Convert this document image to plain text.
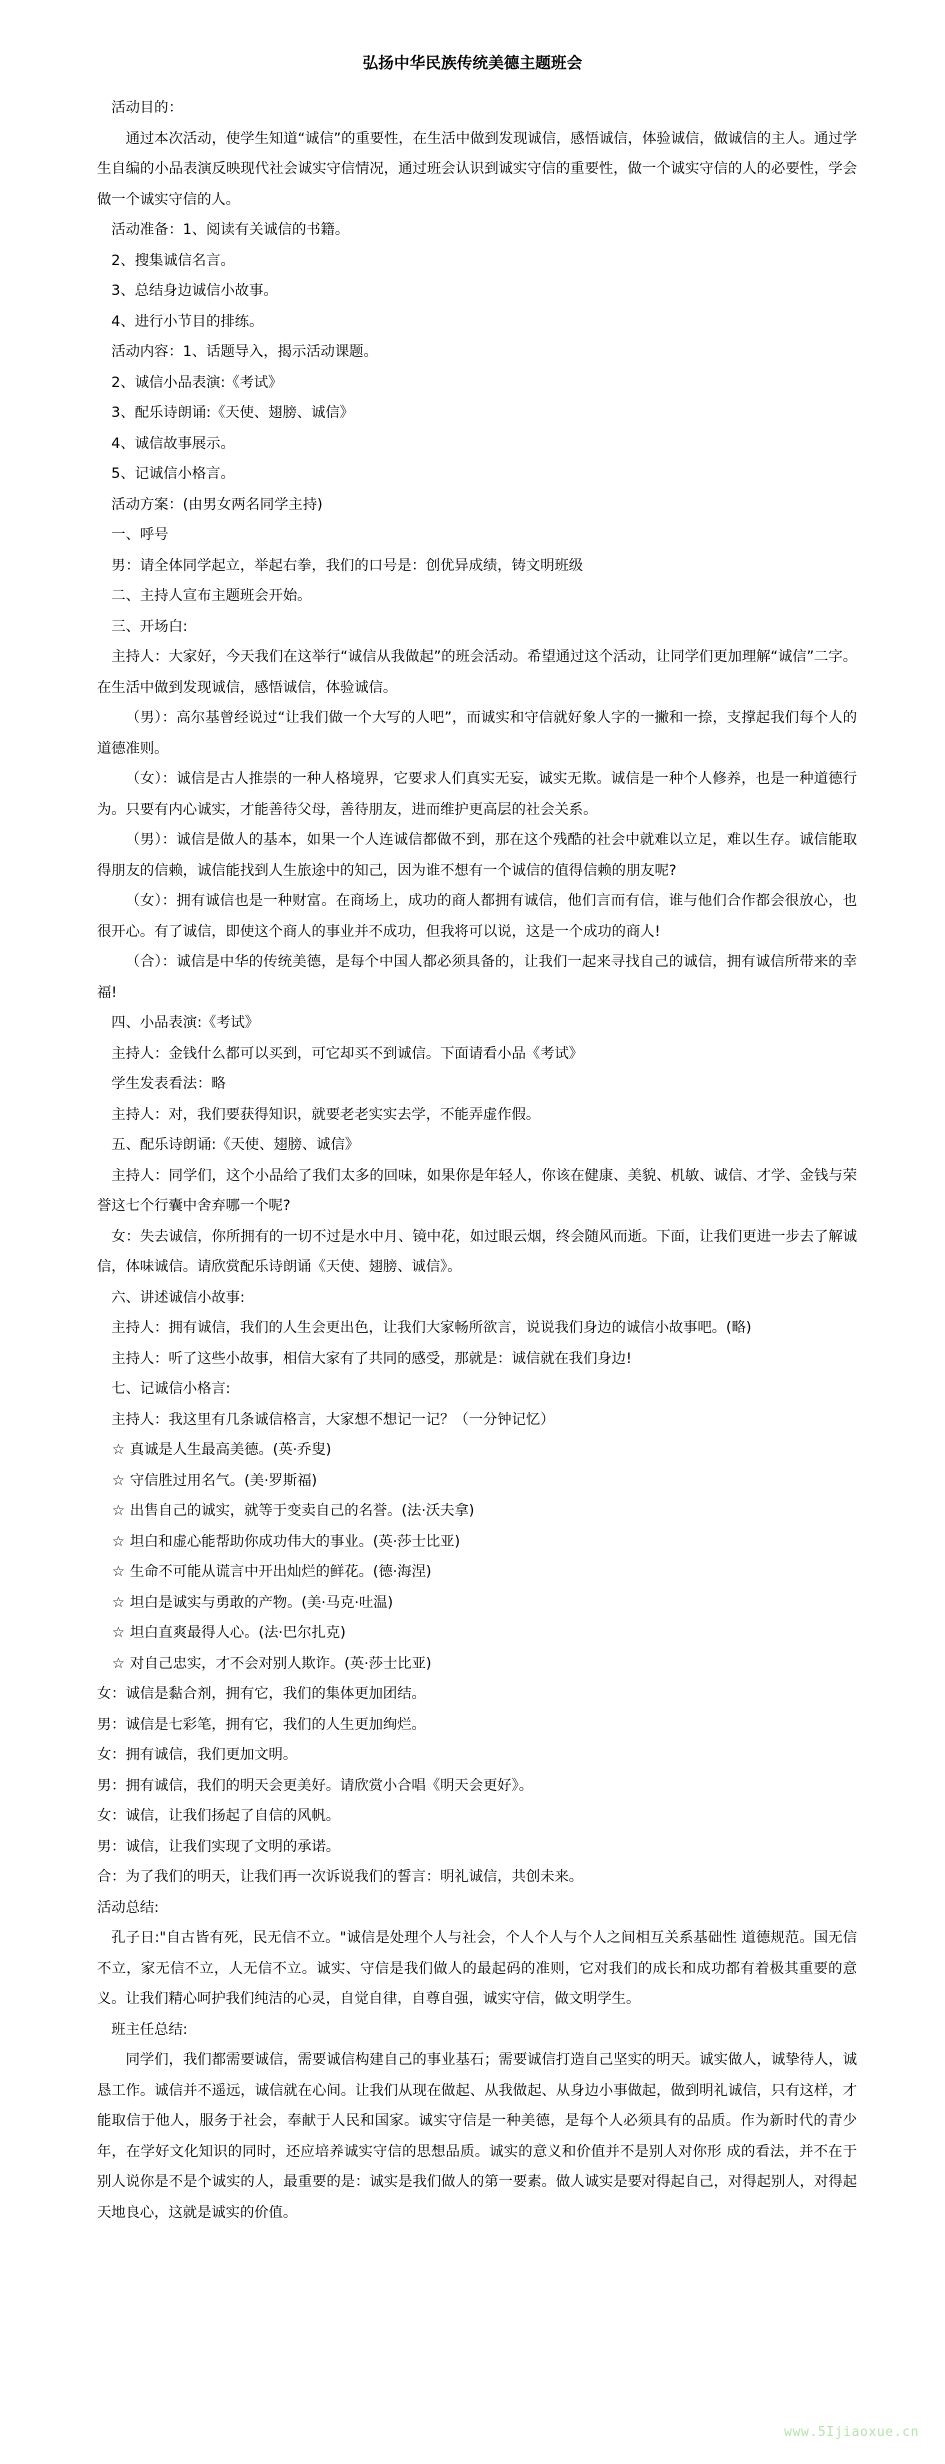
弘扬中华民族传统美德主题班会

活动目的：

通过本次活动，使学生知道“诚信”的重要性，在生活中做到发现诚信，感悟诚信，体验诚信，做诚信的主人。通过学生自编的小品表演反映现代社会诚实守信情况，通过班会认识到诚实守信的重要性，做一个诚实守信的人的必要性，学会做一个诚实守信的人。

活动准备：1、阅读有关诚信的书籍。

2、搜集诚信名言。

3、总结身边诚信小故事。

4、进行小节目的排练。

活动内容：1、话题导入，揭示活动课题。

2、诚信小品表演:《考试》

3、配乐诗朗诵:《天使、翅膀、诚信》

4、诚信故事展示。

5、记诚信小格言。

活动方案：(由男女两名同学主持)

一、呼号

男：请全体同学起立，举起右拳，我们的口号是：创优异成绩，铸文明班级

二、主持人宣布主题班会开始。

三、开场白:

主持人：大家好，今天我们在这举行“诚信从我做起”的班会活动。希望通过这个活动，让同学们更加理解“诚信”二字。在生活中做到发现诚信，感悟诚信，体验诚信。

（男）：高尔基曾经说过“让我们做一个大写的人吧”，而诚实和守信就好象人字的一撇和一捺，支撑起我们每个人的道德准则。

（女）：诚信是古人推崇的一种人格境界，它要求人们真实无妄，诚实无欺。诚信是一种个人修养，也是一种道德行为。只要有内心诚实，才能善待父母，善待朋友，进而维护更高层的社会关系。

（男）：诚信是做人的基本，如果一个人连诚信都做不到，那在这个残酷的社会中就难以立足，难以生存。诚信能取得朋友的信赖，诚信能找到人生旅途中的知己，因为谁不想有一个诚信的值得信赖的朋友呢?

（女）：拥有诚信也是一种财富。在商场上，成功的商人都拥有诚信，他们言而有信，谁与他们合作都会很放心，也很开心。有了诚信，即使这个商人的事业并不成功，但我将可以说，这是一个成功的商人!

（合）：诚信是中华的传统美德，是每个中国人都必须具备的，让我们一起来寻找自己的诚信，拥有诚信所带来的幸福!

四、小品表演:《考试》

主持人：金钱什么都可以买到，可它却买不到诚信。下面请看小品《考试》

学生发表看法：略

主持人：对，我们要获得知识，就要老老实实去学，不能弄虚作假。

五、配乐诗朗诵:《天使、翅膀、诚信》

主持人：同学们，这个小品给了我们太多的回味，如果你是年轻人，你该在健康、美貌、机敏、诚信、才学、金钱与荣誉这七个行囊中舍弃哪一个呢?

女：失去诚信，你所拥有的一切不过是水中月、镜中花，如过眼云烟，终会随风而逝。下面，让我们更进一步去了解诚信，体味诚信。请欣赏配乐诗朗诵《天使、翅膀、诚信》。

六、讲述诚信小故事:

主持人：拥有诚信，我们的人生会更出色，让我们大家畅所欲言，说说我们身边的诚信小故事吧。(略)

主持人：听了这些小故事，相信大家有了共同的感受，那就是：诚信就在我们身边!

七、记诚信小格言:

主持人：我这里有几条诚信格言，大家想不想记一记？（一分钟记忆）

☆ 真诚是人生最高美德。(英·乔叟)
☆ 守信胜过用名气。(美·罗斯福)
☆ 出售自己的诚实，就等于变卖自己的名誉。(法·沃夫拿)
☆ 坦白和虚心能帮助你成功伟大的事业。(英·莎士比亚)
☆ 生命不可能从谎言中开出灿烂的鲜花。(德·海涅)
☆ 坦白是诚实与勇敢的产物。(美·马克·吐温)
☆ 坦白直爽最得人心。(法·巴尔扎克)
☆ 对自己忠实，才不会对别人欺诈。(英·莎士比亚)

女：诚信是黏合剂，拥有它，我们的集体更加团结。

男：诚信是七彩笔，拥有它，我们的人生更加绚烂。

女：拥有诚信，我们更加文明。

男：拥有诚信，我们的明天会更美好。请欣赏小合唱《明天会更好》。

女：诚信，让我们扬起了自信的风帆。

男：诚信，让我们实现了文明的承诺。

合：为了我们的明天，让我们再一次诉说我们的誓言：明礼诚信，共创未来。

活动总结:

孔子日:"自古皆有死，民无信不立。"诚信是处理个人与社会，个人个人与个人之间相互关系基础性 道德规范。国无信不立，家无信不立，人无信不立。诚实、守信是我们做人的最起码的准则，它对我们的成长和成功都有着极其重要的意义。让我们精心呵护我们纯洁的心灵，自觉自律，自尊自强，诚实守信，做文明学生。

班主任总结:

同学们，我们都需要诚信，需要诚信构建自己的事业基石；需要诚信打造自己坚实的明天。诚实做人，诚挚待人，诚恳工作。诚信并不遥远，诚信就在心间。让我们从现在做起、从我做起、从身边小事做起，做到明礼诚信，只有这样，才能取信于他人，服务于社会，奉献于人民和国家。诚实守信是一种美德，是每个人必须具有的品质。作为新时代的青少年，在学好文化知识的同时，还应培养诚实守信的思想品质。诚实的意义和价值并不是别人对你形 成的看法，并不在于别人说你是不是个诚实的人，最重要的是：诚实是我们做人的第一要素。做人诚实是要对得起自己，对得起别人，对得起天地良心，这就是诚实的价值。

www.5Ijiaoxue.cn
